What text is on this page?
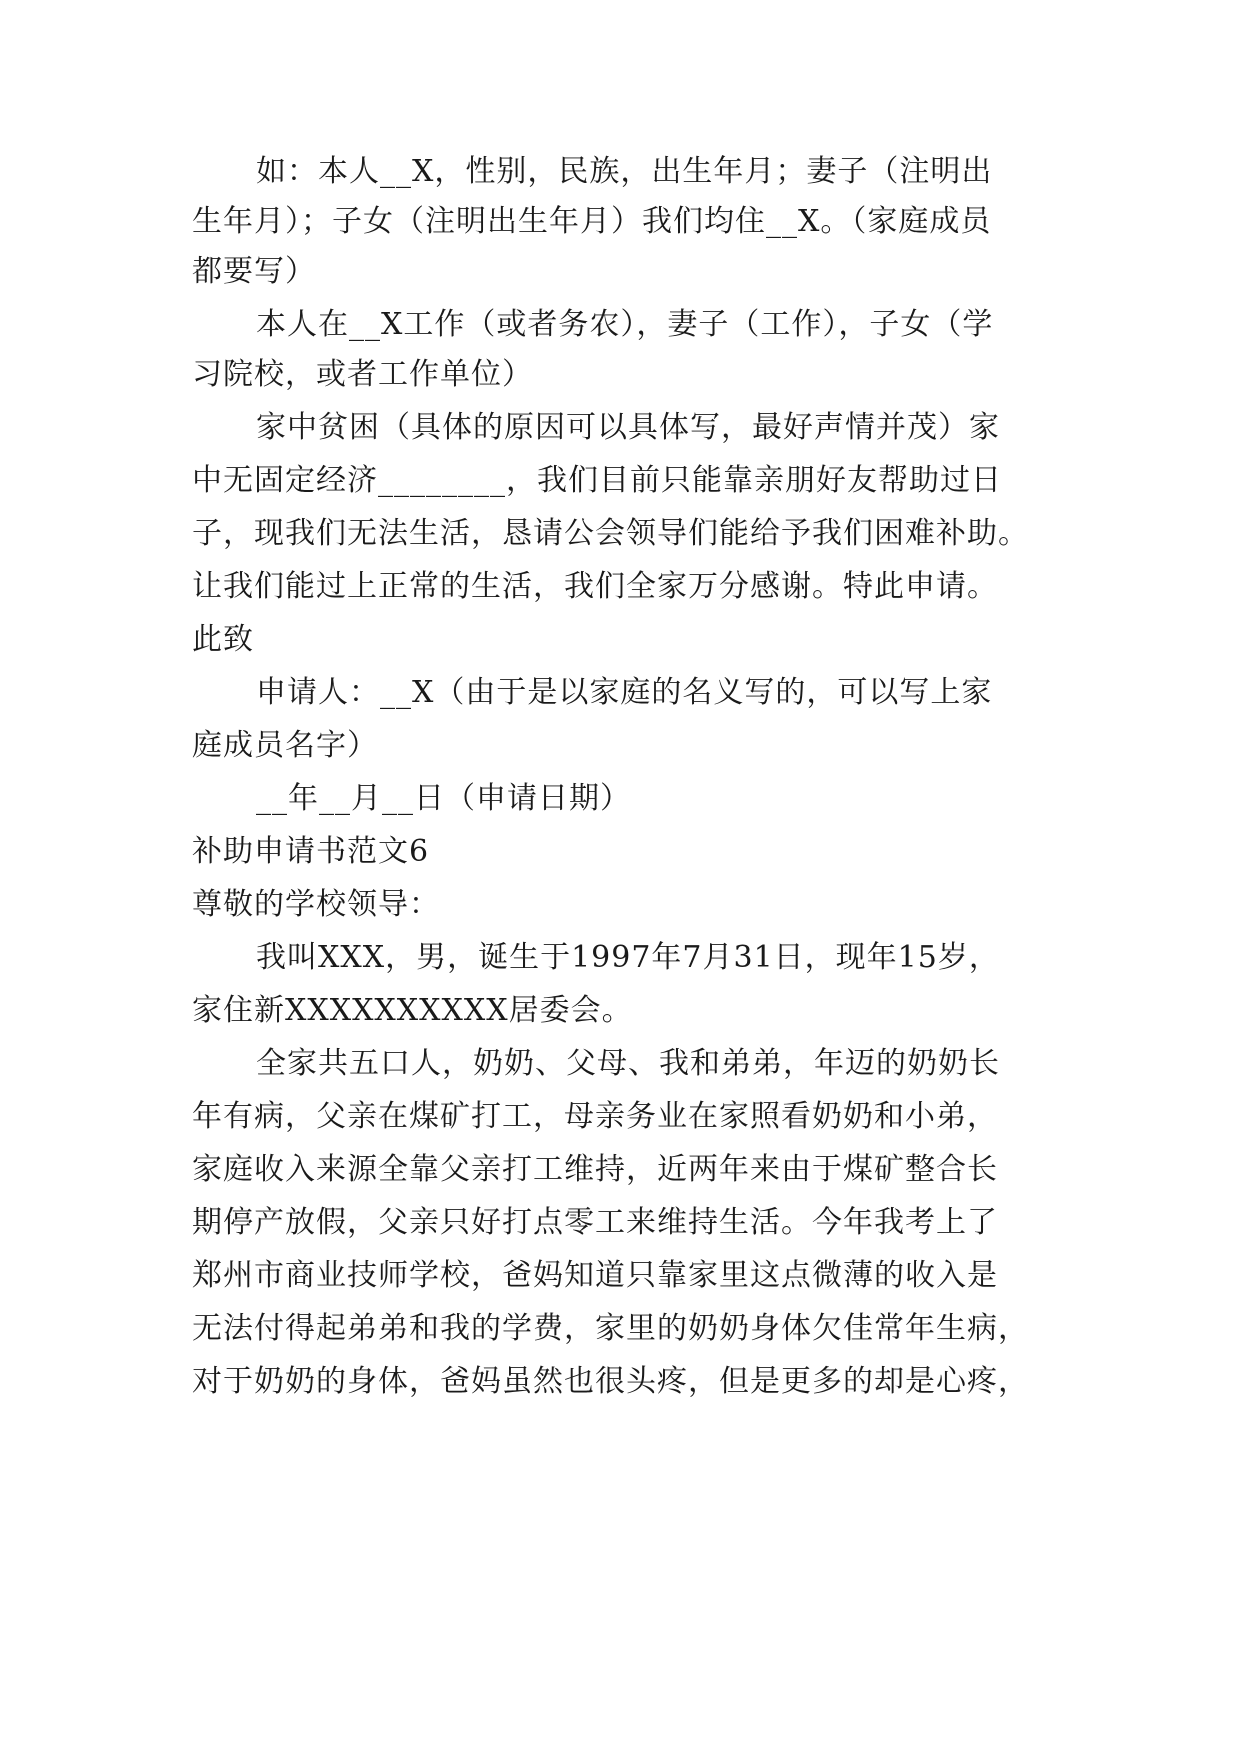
如：本人__X，性别，民族，出生年月；妻子（注明出
生年月）；子女（注明出生年月）我们均住__X。（家庭成员
都要写）
本人在__X工作（或者务农），妻子（工作），子女（学
习院校，或者工作单位）
家中贫困（具体的原因可以具体写，最好声情并茂）家
中无固定经济________，我们目前只能靠亲朋好友帮助过日
子，现我们无法生活，恳请公会领导们能给予我们困难补助。
让我们能过上正常的生活，我们全家万分感谢。特此申请。
此致
申请人：__X（由于是以家庭的名义写的，可以写上家
庭成员名字）
__年__月__日（申请日期）
补助申请书范文6
尊敬的学校领导：
我叫XXX，男，诞生于1997年7月31日，现年15岁，
家住新XXXXXXXXXX居委会。
全家共五口人，奶奶、父母、我和弟弟，年迈的奶奶长
年有病，父亲在煤矿打工，母亲务业在家照看奶奶和小弟，
家庭收入来源全靠父亲打工维持，近两年来由于煤矿整合长
期停产放假，父亲只好打点零工来维持生活。今年我考上了
郑州市商业技师学校，爸妈知道只靠家里这点微薄的收入是
无法付得起弟弟和我的学费，家里的奶奶身体欠佳常年生病，
对于奶奶的身体，爸妈虽然也很头疼，但是更多的却是心疼，
